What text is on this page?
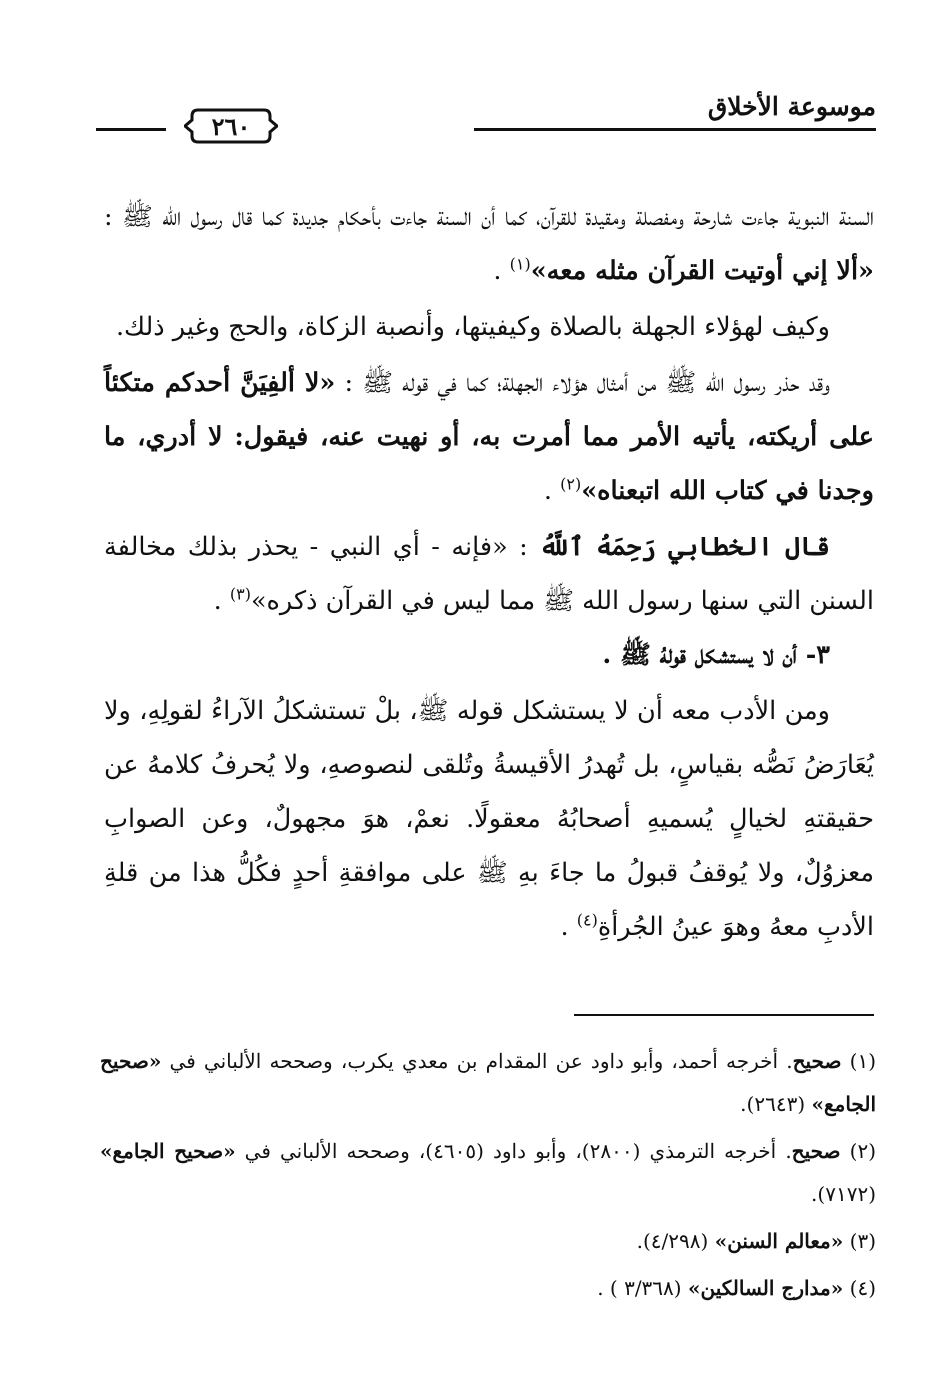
موسوعة الأخلاق
٢٦٠

السنة النبوية جاءت شارحة ومفصلة ومقيدة للقرآن، كما أن السنة جاءت بأحكام جديدة كما قال رسول الله ﷺ : «ألا إني أوتيت القرآن مثله معه»$^{(١)}$ .

وكيف لهؤلاء الجهلة بالصلاة وكيفيتها، وأنصبة الزكاة، والحج وغير ذلك.

وقد حذر رسول الله ﷺ من أمثال هؤلاء الجهلة؛ كما في قوله ﷺ : «لا ألفِيَنَّ أحدكم متكئاً على أريكته، يأتيه الأمر مما أمرت به، أو نهيت عنه، فيقول: لا أدري، ما وجدنا في كتاب الله اتبعناه»$^{(٢)}$ .

قال الخطابي رَحِمَهُ ٱللَّهُ : «فإنه - أي النبي - يحذر بذلك مخالفة السنن التي سنها رسول الله ﷺ مما ليس في القرآن ذكره»$^{(٣)}$ .

٣- أن لا يستشكل قولهُ ﷺ .

ومن الأدب معه أن لا يستشكل قوله ﷺ، بلْ تستشكلُ الآراءُ لقولِهِ، ولا يُعَارَضُ نَصُّه بقياسٍ، بل تُهدرُ الأقيسةُ وتُلقى لنصوصهِ، ولا يُحرفُ كلامهُ عن حقيقتهِ لخيالٍ يُسميهِ أصحابُهُ معقولًا. نعمْ، هوَ مجهولٌ، وعن الصوابِ معزوُلٌ، ولا يُوقفُ قبولُ ما جاءَ بهِ ﷺ على موافقةِ أحدٍ فكُلُّ هذا من قلةِ الأدبِ معهُ وهوَ عينُ الجُرأةِ$^{(٤)}$ .

(١) صحيح. أخرجه أحمد، وأبو داود عن المقدام بن معدي يكرب، وصححه الألباني في «صحيح الجامع» (٢٦٤٣).

(٢) صحيح. أخرجه الترمذي (٢٨٠٠)، وأبو داود (٤٦٠٥)، وصححه الألباني في «صحيح الجامع» (٧١٧٢).

(٣) «معالم السنن» (٤/٢٩٨).

(٤) «مدارج السالكين» (٣/٣٦٨ ) .
